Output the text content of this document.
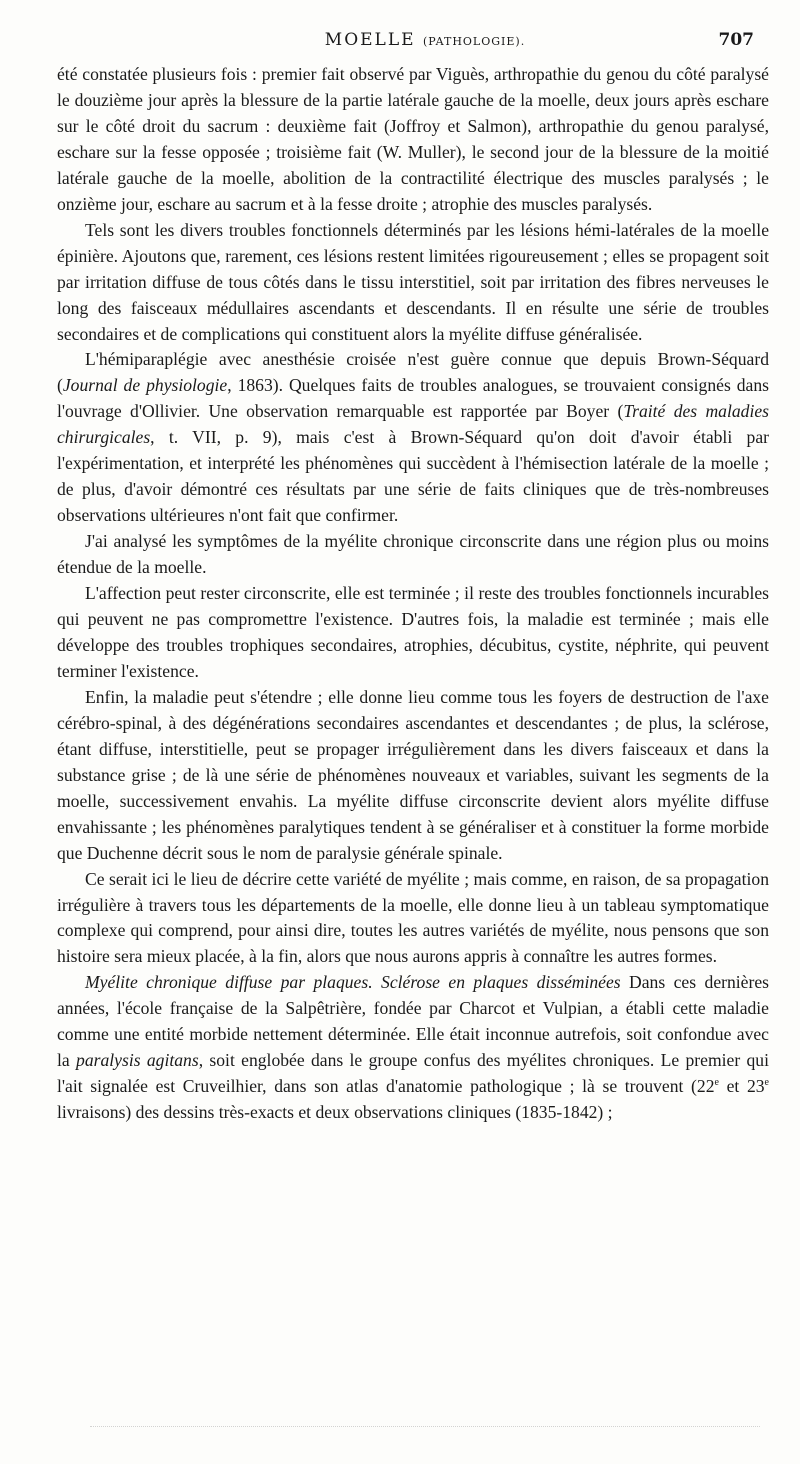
MOELLE (PATHOLOGIE).	707

été constatée plusieurs fois : premier fait observé par Viguès, arthropathie du genou du côté paralysé le douzième jour après la blessure de la partie latérale gauche de la moelle, deux jours après eschare sur le côté droit du sacrum : deuxième fait (Joffroy et Salmon), arthropathie du genou paralysé, eschare sur la fesse opposée ; troisième fait (W. Muller), le second jour de la blessure de la moitié latérale gauche de la moelle, abolition de la contractilité électrique des muscles paralysés ; le onzième jour, eschare au sacrum et à la fesse droite ; atrophie des muscles paralysés.

Tels sont les divers troubles fonctionnels déterminés par les lésions hémi-latérales de la moelle épinière. Ajoutons que, rarement, ces lésions restent limitées rigoureusement ; elles se propagent soit par irritation diffuse de tous côtés dans le tissu interstitiel, soit par irritation des fibres nerveuses le long des faisceaux médullaires ascendants et descendants. Il en résulte une série de troubles secondaires et de complications qui constituent alors la myélite diffuse généralisée.

L'hémiparaplégie avec anesthésie croisée n'est guère connue que depuis Brown-Séquard (Journal de physiologie, 1863). Quelques faits de troubles analogues, se trouvaient consignés dans l'ouvrage d'Ollivier. Une observation remarquable est rapportée par Boyer (Traité des maladies chirurgicales, t. VII, p. 9), mais c'est à Brown-Séquard qu'on doit d'avoir établi par l'expérimentation, et interprété les phénomènes qui succèdent à l'hémisection latérale de la moelle ; de plus, d'avoir démontré ces résultats par une série de faits cliniques que de très-nombreuses observations ultérieures n'ont fait que confirmer.

J'ai analysé les symptômes de la myélite chronique circonscrite dans une région plus ou moins étendue de la moelle.

L'affection peut rester circonscrite, elle est terminée ; il reste des troubles fonctionnels incurables qui peuvent ne pas compromettre l'existence. D'autres fois, la maladie est terminée ; mais elle développe des troubles trophiques secondaires, atrophies, décubitus, cystite, néphrite, qui peuvent terminer l'existence.

Enfin, la maladie peut s'étendre ; elle donne lieu comme tous les foyers de destruction de l'axe cérébro-spinal, à des dégénérations secondaires ascendantes et descendantes ; de plus, la sclérose, étant diffuse, interstitielle, peut se propager irrégulièrement dans les divers faisceaux et dans la substance grise ; de là une série de phénomènes nouveaux et variables, suivant les segments de la moelle, successivement envahis. La myélite diffuse circonscrite devient alors myélite diffuse envahissante ; les phénomènes paralytiques tendent à se généraliser et à constituer la forme morbide que Duchenne décrit sous le nom de paralysie générale spinale.

Ce serait ici le lieu de décrire cette variété de myélite ; mais comme, en raison, de sa propagation irrégulière à travers tous les départements de la moelle, elle donne lieu à un tableau symptomatique complexe qui comprend, pour ainsi dire, toutes les autres variétés de myélite, nous pensons que son histoire sera mieux placée, à la fin, alors que nous aurons appris à connaître les autres formes.

Myélite chronique diffuse par plaques. Sclérose en plaques disséminées Dans ces dernières années, l'école française de la Salpêtrière, fondée par Charcot et Vulpian, a établi cette maladie comme une entité morbide nettement déterminée. Elle était inconnue autrefois, soit confondue avec la paralysis agitans, soit englobée dans le groupe confus des myélites chroniques. Le premier qui l'ait signalée est Cruveilhier, dans son atlas d'anatomie pathologique ; là se trouvent (22e et 23e livraisons) des dessins très-exacts et deux observations cliniques (1835-1842) ;
